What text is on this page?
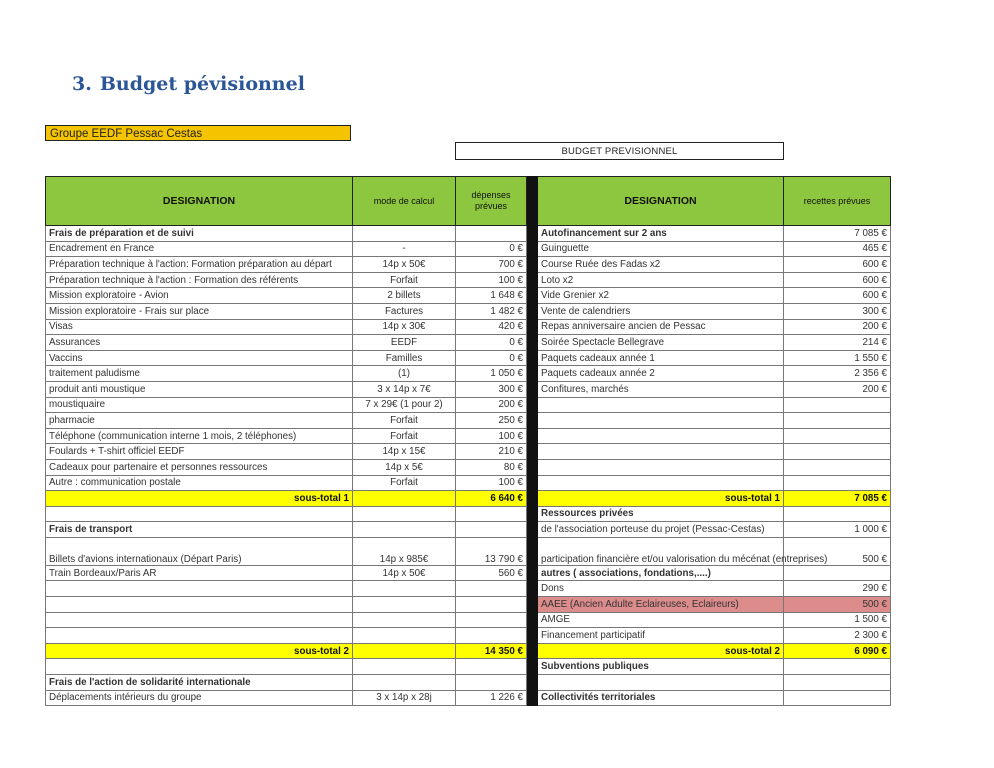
3. Budget pévisionnel
Groupe EEDF Pessac Cestas
BUDGET PREVISIONNEL
DESIGNATION	mode de calcul	dépenses prévues		DESIGNATION	recettes prévues
Frais de préparation et de suivi				Autofinancement sur 2 ans	7 085 €
Encadrement en France	-	0 €		Guinguette	465 €
Préparation technique à l'action: Formation préparation au départ	14p x 50€	700 €		Course Ruée des Fadas x2	600 €
Préparation technique à l'action : Formation des référents	Forfait	100 €		Loto x2	600 €
Mission exploratoire - Avion	2 billets	1 648 €		Vide Grenier x2	600 €
Mission exploratoire - Frais sur place	Factures	1 482 €		Vente de calendriers	300 €
Visas	14p x 30€	420 €		Repas anniversaire ancien de Pessac	200 €
Assurances	EEDF	0 €		Soirée Spectacle Bellegrave	214 €
Vaccins	Familles	0 €		Paquets cadeaux année 1	1 550 €
traitement paludisme	(1)	1 050 €		Paquets cadeaux année 2	2 356 €
produit anti moustique	3 x 14p x 7€	300 €		Confitures, marchés	200 €
moustiquaire	7 x 29€ (1 pour 2)	200 €			
pharmacie	Forfait	250 €			
Téléphone (communication interne 1 mois, 2 téléphones)	Forfait	100 €			
Foulards + T-shirt officiel EEDF	14p x 15€	210 €			
Cadeaux pour partenaire et personnes ressources	14p x 5€	80 €			
Autre : communication postale	Forfait	100 €			
sous-total 1		6 640 €		sous-total 1	7 085 €
				Ressources privées	
Frais de transport				de l'association porteuse du projet (Pessac-Cestas)	1 000 €
Billets d'avions internationaux (Départ Paris)	14p x 985€	13 790 €		participation financière et/ou valorisation du mécénat (entreprises)	500 €
Train Bordeaux/Paris AR	14p x 50€	560 €		autres ( associations, fondations,....)	
				Dons	290 €
				AAEE (Ancien Adulte Eclaireuses, Eclaireurs)	500 €
				AMGE	1 500 €
				Financement participatif	2 300 €
sous-total 2		14 350 €		sous-total 2	6 090 €
				Subventions publiques	
Frais de l'action de solidarité internationale					
Déplacements intérieurs du groupe	3 x 14p x 28j	1 226 €		Collectivités territoriales	
